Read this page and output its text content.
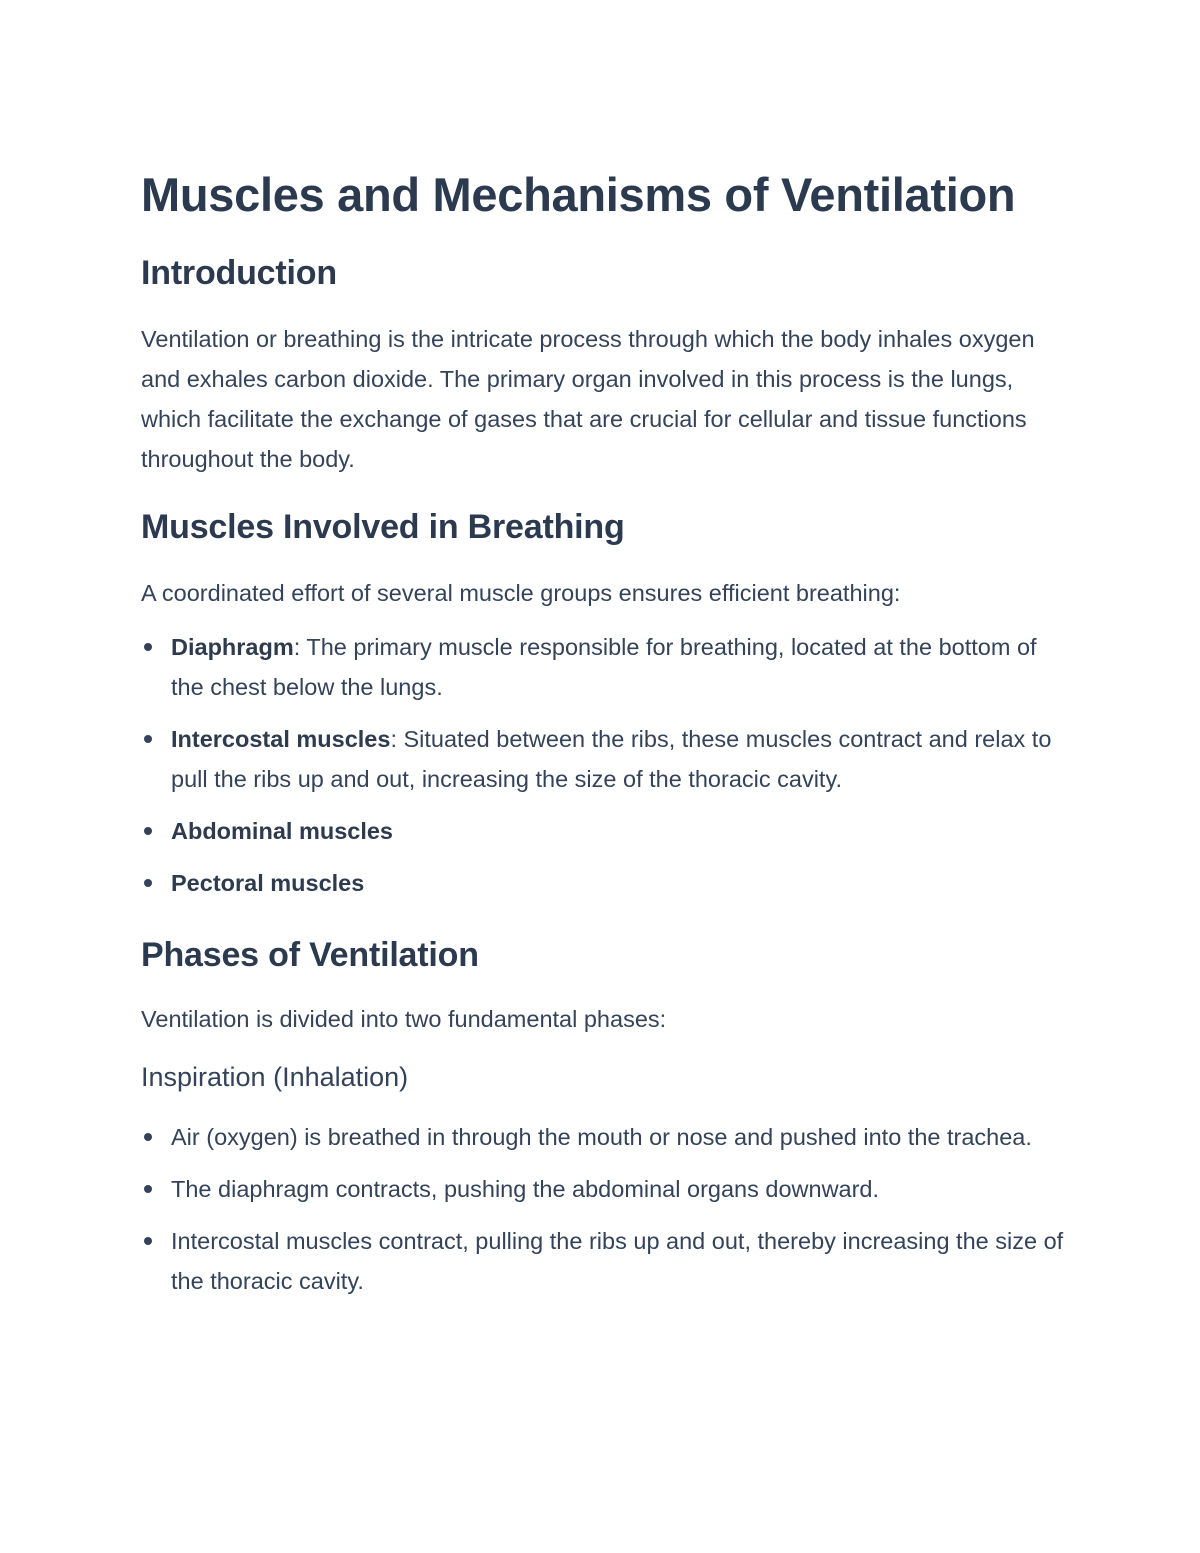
Muscles and Mechanisms of Ventilation
Introduction

Ventilation or breathing is the intricate process through which the body inhales oxygen and exhales carbon dioxide. The primary organ involved in this process is the lungs, which facilitate the exchange of gases that are crucial for cellular and tissue functions throughout the body.

Muscles Involved in Breathing

A coordinated effort of several muscle groups ensures efficient breathing:

Diaphragm: The primary muscle responsible for breathing, located at the bottom of the chest below the lungs.
Intercostal muscles: Situated between the ribs, these muscles contract and relax to pull the ribs up and out, increasing the size of the thoracic cavity.
Abdominal muscles
Pectoral muscles
Phases of Ventilation

Ventilation is divided into two fundamental phases:

Inspiration (Inhalation)
Air (oxygen) is breathed in through the mouth or nose and pushed into the trachea.
The diaphragm contracts, pushing the abdominal organs downward.
Intercostal muscles contract, pulling the ribs up and out, thereby increasing the size of the thoracic cavity.
